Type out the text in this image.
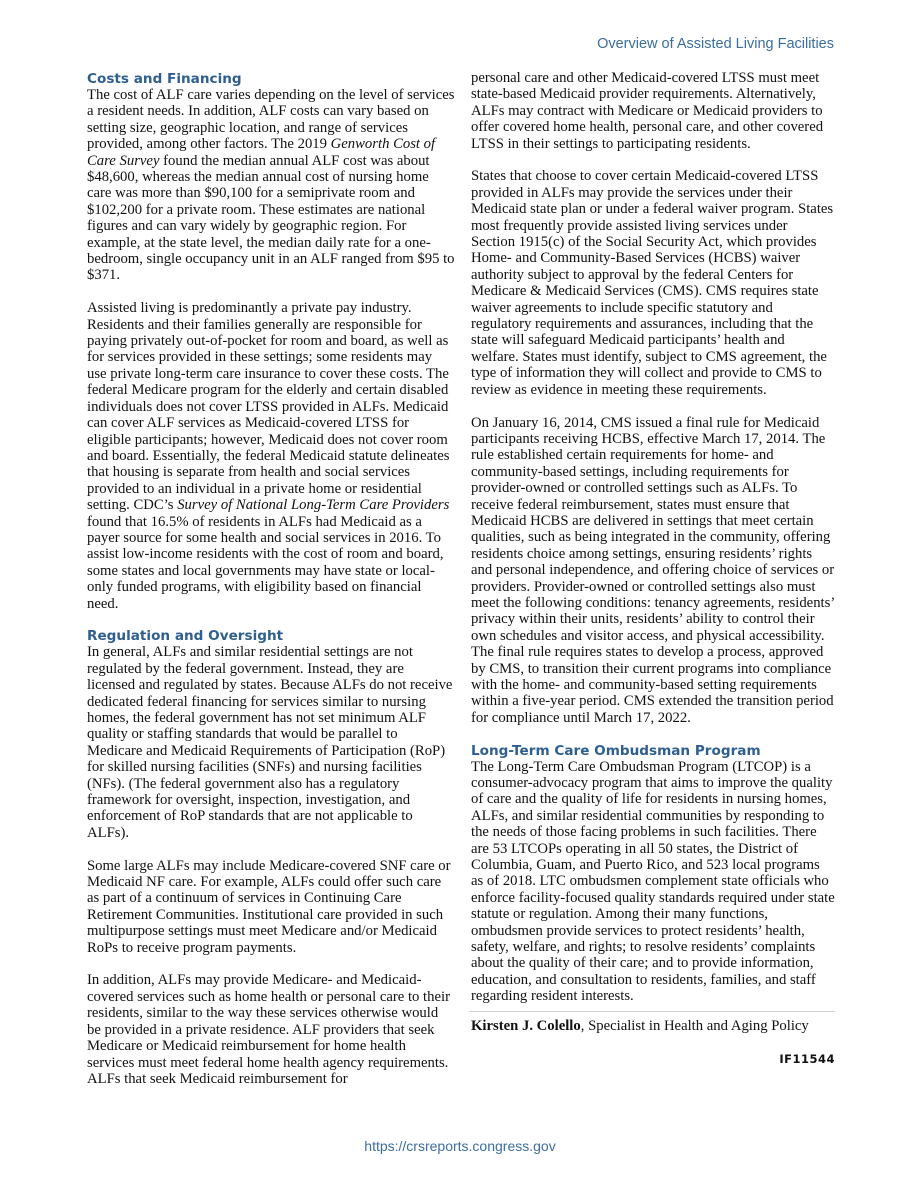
Overview of Assisted Living Facilities
Costs and Financing

The cost of ALF care varies depending on the level of services a resident needs. In addition, ALF costs can vary based on setting size, geographic location, and range of services provided, among other factors. The 2019 Genworth Cost of Care Survey found the median annual ALF cost was about $48,600, whereas the median annual cost of nursing home care was more than $90,100 for a semiprivate room and $102,200 for a private room. These estimates are national figures and can vary widely by geographic region. For example, at the state level, the median daily rate for a one-bedroom, single occupancy unit in an ALF ranged from $95 to $371.

Assisted living is predominantly a private pay industry. Residents and their families generally are responsible for paying privately out-of-pocket for room and board, as well as for services provided in these settings; some residents may use private long-term care insurance to cover these costs. The federal Medicare program for the elderly and certain disabled individuals does not cover LTSS provided in ALFs. Medicaid can cover ALF services as Medicaid-covered LTSS for eligible participants; however, Medicaid does not cover room and board. Essentially, the federal Medicaid statute delineates that housing is separate from health and social services provided to an individual in a private home or residential setting. CDC’s Survey of National Long-Term Care Providers found that 16.5% of residents in ALFs had Medicaid as a payer source for some health and social services in 2016. To assist low-income residents with the cost of room and board, some states and local governments may have state or local-only funded programs, with eligibility based on financial need.

Regulation and Oversight

In general, ALFs and similar residential settings are not regulated by the federal government. Instead, they are licensed and regulated by states. Because ALFs do not receive dedicated federal financing for services similar to nursing homes, the federal government has not set minimum ALF quality or staffing standards that would be parallel to Medicare and Medicaid Requirements of Participation (RoP) for skilled nursing facilities (SNFs) and nursing facilities (NFs). (The federal government also has a regulatory framework for oversight, inspection, investigation, and enforcement of RoP standards that are not applicable to ALFs).

Some large ALFs may include Medicare-covered SNF care or Medicaid NF care. For example, ALFs could offer such care as part of a continuum of services in Continuing Care Retirement Communities. Institutional care provided in such multipurpose settings must meet Medicare and/or Medicaid RoPs to receive program payments.

In addition, ALFs may provide Medicare- and Medicaid-covered services such as home health or personal care to their residents, similar to the way these services otherwise would be provided in a private residence. ALF providers that seek Medicare or Medicaid reimbursement for home health services must meet federal home health agency requirements. ALFs that seek Medicaid reimbursement for

personal care and other Medicaid-covered LTSS must meet state-based Medicaid provider requirements. Alternatively, ALFs may contract with Medicare or Medicaid providers to offer covered home health, personal care, and other covered LTSS in their settings to participating residents.

States that choose to cover certain Medicaid-covered LTSS provided in ALFs may provide the services under their Medicaid state plan or under a federal waiver program. States most frequently provide assisted living services under Section 1915(c) of the Social Security Act, which provides Home- and Community-Based Services (HCBS) waiver authority subject to approval by the federal Centers for Medicare & Medicaid Services (CMS). CMS requires state waiver agreements to include specific statutory and regulatory requirements and assurances, including that the state will safeguard Medicaid participants’ health and welfare. States must identify, subject to CMS agreement, the type of information they will collect and provide to CMS to review as evidence in meeting these requirements.

On January 16, 2014, CMS issued a final rule for Medicaid participants receiving HCBS, effective March 17, 2014. The rule established certain requirements for home- and community-based settings, including requirements for provider-owned or controlled settings such as ALFs. To receive federal reimbursement, states must ensure that Medicaid HCBS are delivered in settings that meet certain qualities, such as being integrated in the community, offering residents choice among settings, ensuring residents’ rights and personal independence, and offering choice of services or providers. Provider-owned or controlled settings also must meet the following conditions: tenancy agreements, residents’ privacy within their units, residents’ ability to control their own schedules and visitor access, and physical accessibility. The final rule requires states to develop a process, approved by CMS, to transition their current programs into compliance with the home- and community-based setting requirements within a five-year period. CMS extended the transition period for compliance until March 17, 2022.

Long-Term Care Ombudsman Program

The Long-Term Care Ombudsman Program (LTCOP) is a consumer-advocacy program that aims to improve the quality of care and the quality of life for residents in nursing homes, ALFs, and similar residential communities by responding to the needs of those facing problems in such facilities. There are 53 LTCOPs operating in all 50 states, the District of Columbia, Guam, and Puerto Rico, and 523 local programs as of 2018. LTC ombudsmen complement state officials who enforce facility-focused quality standards required under state statute or regulation. Among their many functions, ombudsmen provide services to protect residents’ health, safety, welfare, and rights; to resolve residents’ complaints about the quality of their care; and to provide information, education, and consultation to residents, families, and staff regarding resident interests.

Kirsten J. Colello, Specialist in Health and Aging Policy

IF11544
https://crsreports.congress.gov
